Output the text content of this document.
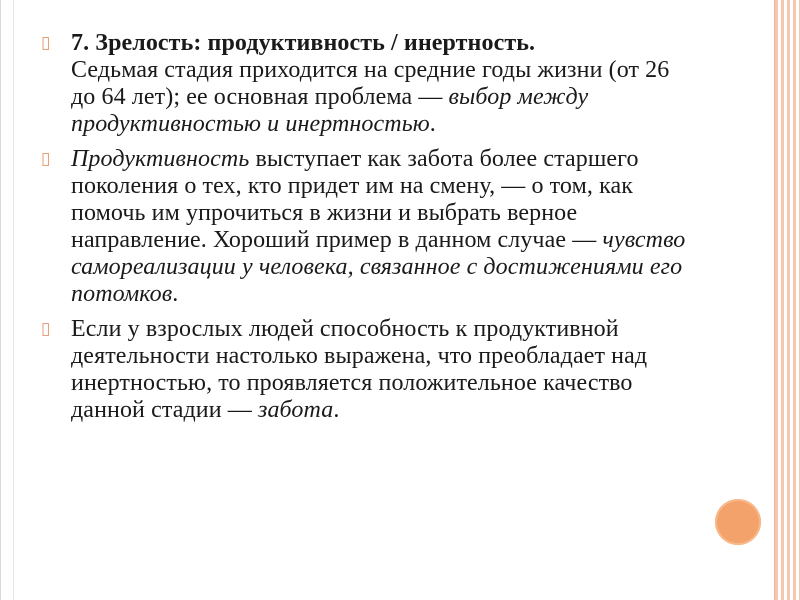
▯ 7. Зрелость: продуктивность / инертность.
Седьмая стадия приходится на средние годы жизни (от 26 до 64 лет); ее основная проблема — выбор между продуктивностью и инертностью.
▯ Продуктивность выступает как забота более старшего поколения о тех, кто придет им на смену, — о том, как помочь им упрочиться в жизни и выбрать верное направление. Хороший пример в данном случае — чувство самореализации у человека, связанное с достижениями его потомков.
▯ Если у взрослых людей способность к продуктивной деятельности настолько выражена, что преобладает над инертностью, то проявляется положительное качество данной стадии — забота.
